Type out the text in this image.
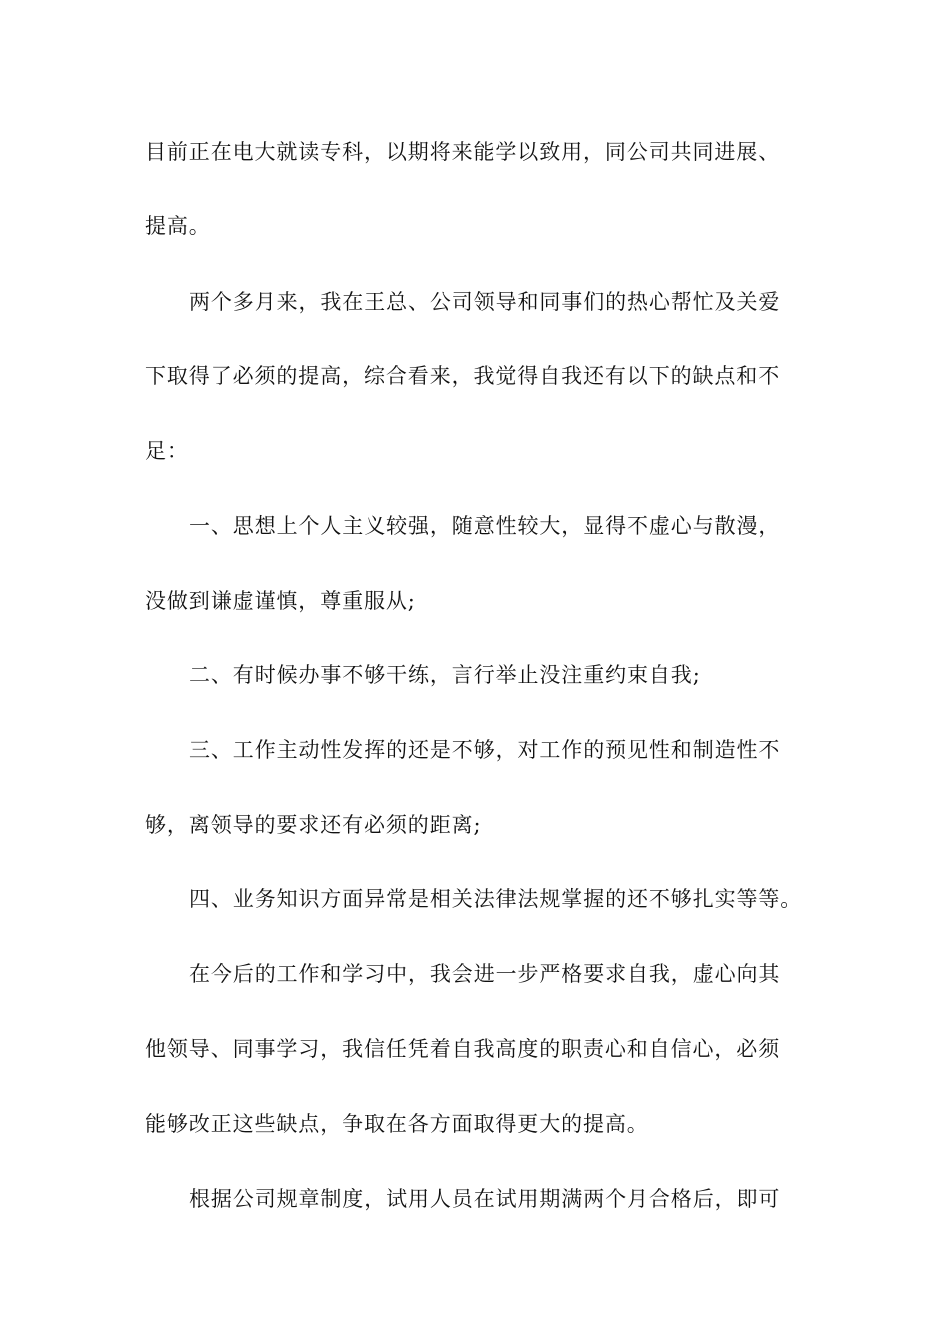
目前正在电大就读专科，以期将来能学以致用，同公司共同进展、

提高。

两个多月来，我在王总、公司领导和同事们的热心帮忙及关爱

下取得了必须的提高，综合看来，我觉得自我还有以下的缺点和不

足：

一、思想上个人主义较强，随意性较大，显得不虚心与散漫，

没做到谦虚谨慎，尊重服从;

二、有时候办事不够干练，言行举止没注重约束自我;

三、工作主动性发挥的还是不够，对工作的预见性和制造性不

够，离领导的要求还有必须的距离;

四、业务知识方面异常是相关法律法规掌握的还不够扎实等等。

在今后的工作和学习中，我会进一步严格要求自我，虚心向其

他领导、同事学习，我信任凭着自我高度的职责心和自信心，必须

能够改正这些缺点，争取在各方面取得更大的提高。

根据公司规章制度，试用人员在试用期满两个月合格后，即可
